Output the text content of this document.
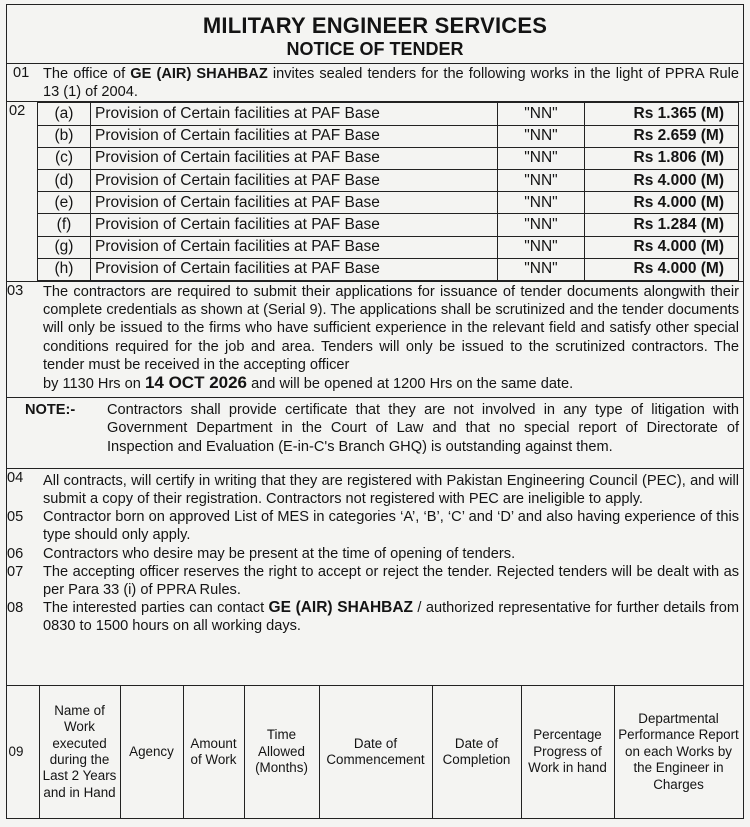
MILITARY ENGINEER SERVICES
NOTICE OF TENDER
01 The office of GE (AIR) SHAHBAZ invites sealed tenders for the following works in the light of PPRA Rule 13 (1) of 2004.
02 (a)	Provision of Certain facilities at PAF Base	"NN"	Rs 1.365 (M)
(b)	Provision of Certain facilities at PAF Base	"NN"	Rs 2.659 (M)
(c)	Provision of Certain facilities at PAF Base	"NN"	Rs 1.806 (M)
(d)	Provision of Certain facilities at PAF Base	"NN"	Rs 4.000 (M)
(e)	Provision of Certain facilities at PAF Base	"NN"	Rs 4.000 (M)
(f)	Provision of Certain facilities at PAF Base	"NN"	Rs 1.284 (M)
(g)	Provision of Certain facilities at PAF Base	"NN"	Rs 4.000 (M)
(h)	Provision of Certain facilities at PAF Base	"NN"	Rs 4.000 (M)
03 The contractors are required to submit their applications for issuance of tender documents alongwith their complete credentials as shown at (Serial 9). The applications shall be scrutinized and the tender documents will only be issued to the firms who have sufficient experience in the relevant field and satisfy other special conditions required for the job and area. Tenders will only be issued to the scrutinized contractors. The tender must be received in the accepting officer
by 1130 Hrs on 14 OCT 2026 and will be opened at 1200 Hrs on the same date.
NOTE:-	Contractors shall provide certificate that they are not involved in any type of litigation with Government Department in the Court of Law and that no special report of Directorate of Inspection and Evaluation (E-in-C's Branch GHQ) is outstanding against them.
04 All contracts, will certify in writing that they are registered with Pakistan Engineering Council (PEC), and will submit a copy of their registration. Contractors not registered with PEC are ineligible to apply.
05 Contractor born on approved List of MES in categories ‘A’, ‘B’, ‘C’ and ‘D’ and also having experience of this type should only apply.
06 Contractors who desire may be present at the time of opening of tenders.
07 The accepting officer reserves the right to accept or reject the tender. Rejected tenders will be dealt with as per Para 33 (i) of PPRA Rules.
08 The interested parties can contact GE (AIR) SHAHBAZ / authorized representative for further details from 0830 to 1500 hours on all working days.
09	Name of Work executed during the Last 2 Years and in Hand	Agency	Amount of Work	Time Allowed (Months)	Date of Commencement	Date of Completion	Percentage Progress of Work in hand	Departmental Performance Report on each Works by the Engineer in Charges
